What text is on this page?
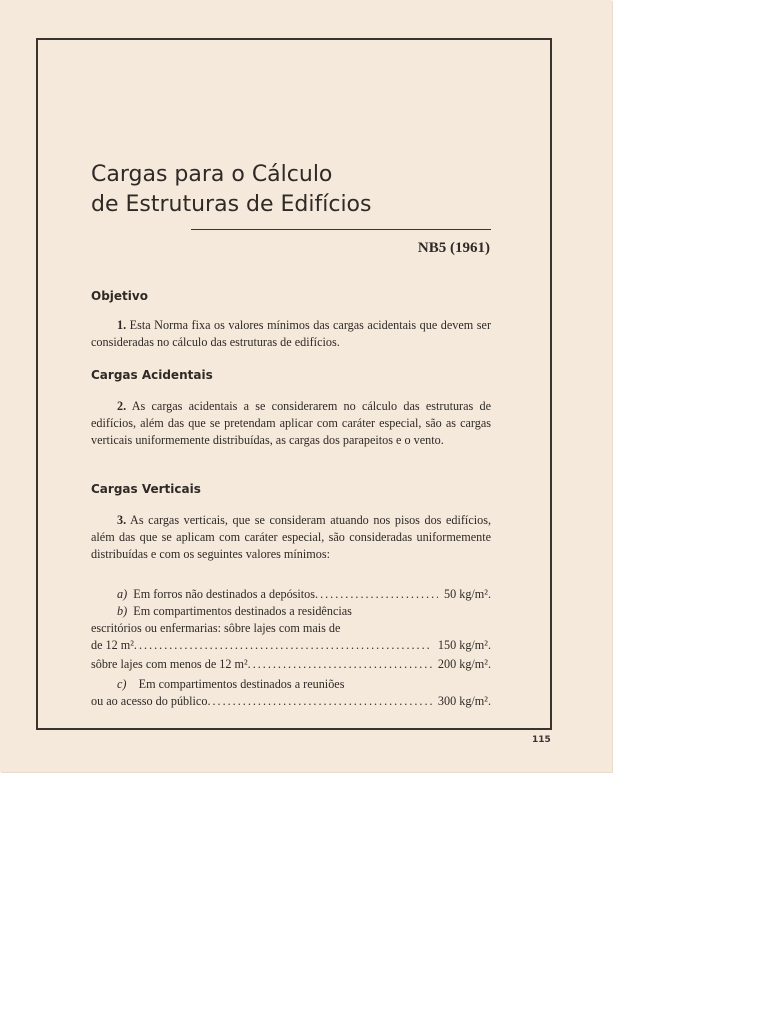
Cargas para o Cálculo
de Estruturas de Edifícios
NB5 (1961)
Objetivo
1. Esta Norma fixa os valores mínimos das cargas acidentais que devem ser consideradas no cálculo das estruturas de edifícios.
Cargas Acidentais
2. As cargas acidentais a se considerarem no cálculo das estruturas de edifícios, além das que se pretendam aplicar com caráter especial, são as cargas verticais uniformemente distribuídas, as cargas dos parapeitos e o vento.
Cargas Verticais
3. As cargas verticais, que se consideram atuando nos pisos dos edifícios, além das que se aplicam com caráter especial, são consideradas uniformemente distribuídas e com os seguintes valores mínimos:
a) Em forros não destinados a depósitos .....	50 kg/m².
b) Em compartimentos destinados a residências
escritórios ou enfermarias: sôbre lajes com mais de
de 12 m² .....	150 kg/m².
sôbre lajes com menos de 12 m² .....	200 kg/m².
c) Em compartimentos destinados a reuniões
ou ao acesso do público .....	300 kg/m².
115
